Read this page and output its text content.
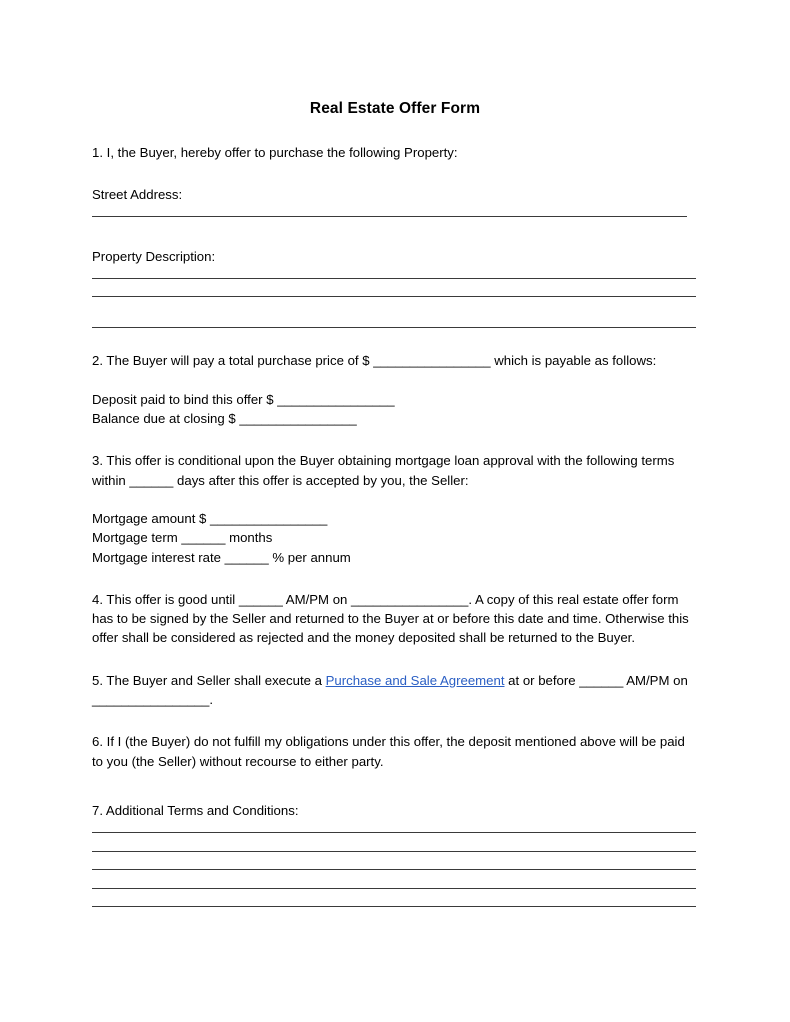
Real Estate Offer Form

1. I, the Buyer, hereby offer to purchase the following Property:

Street Address:

Property Description:

2. The Buyer will pay a total purchase price of $ ________________ which is payable as follows:

Deposit paid to bind this offer $ ________________

Balance due at closing $ ________________

3. This offer is conditional upon the Buyer obtaining mortgage loan approval with the following terms within ______ days after this offer is accepted by you, the Seller:

Mortgage amount $ ________________

Mortgage term ______ months

Mortgage interest rate ______ % per annum

4. This offer is good until ______ AM/PM on ________________. A copy of this real estate offer form has to be signed by the Seller and returned to the Buyer at or before this date and time. Otherwise this offer shall be considered as rejected and the money deposited shall be returned to the Buyer.

5. The Buyer and Seller shall execute a Purchase and Sale Agreement at or before ______ AM/PM on ________________.

6. If I (the Buyer) do not fulfill my obligations under this offer, the deposit mentioned above will be paid to you (the Seller) without recourse to either party.

7. Additional Terms and Conditions:
